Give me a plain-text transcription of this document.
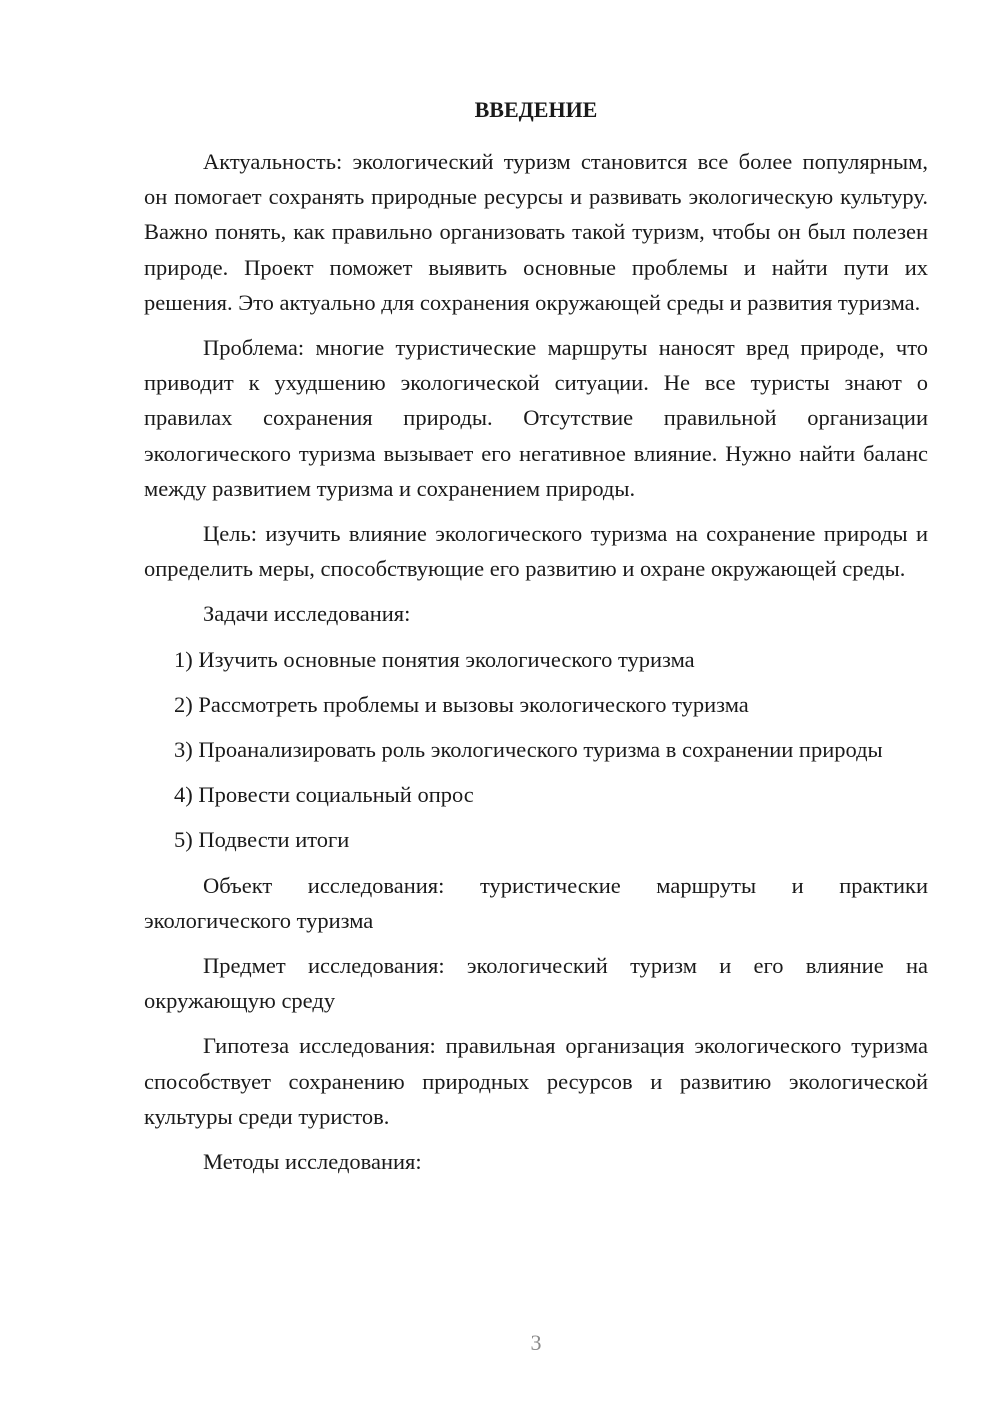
ВВЕДЕНИЕ

Актуальность: экологический туризм становится все более популярным, он помогает сохранять природные ресурсы и развивать экологическую культуру. Важно понять, как правильно организовать такой туризм, чтобы он был полезен природе. Проект поможет выявить основные проблемы и найти пути их решения. Это актуально для сохранения окружающей среды и развития туризма.

Проблема: многие туристические маршруты наносят вред природе, что приводит к ухудшению экологической ситуации. Не все туристы знают о правилах сохранения природы. Отсутствие правильной организации экологического туризма вызывает его негативное влияние. Нужно найти баланс между развитием туризма и сохранением природы.

Цель: изучить влияние экологического туризма на сохранение природы и определить меры, способствующие его развитию и охране окружающей среды.

Задачи исследования:

1) Изучить основные понятия экологического туризма

2) Рассмотреть проблемы и вызовы экологического туризма

3) Проанализировать роль экологического туризма в сохранении природы

4) Провести социальный опрос

5) Подвести итоги

Объект исследования: туристические маршруты и практики экологического туризма

Предмет исследования: экологический туризм и его влияние на окружающую среду

Гипотеза исследования: правильная организация экологического туризма способствует сохранению природных ресурсов и развитию экологической культуры среди туристов.

Методы исследования:

3
